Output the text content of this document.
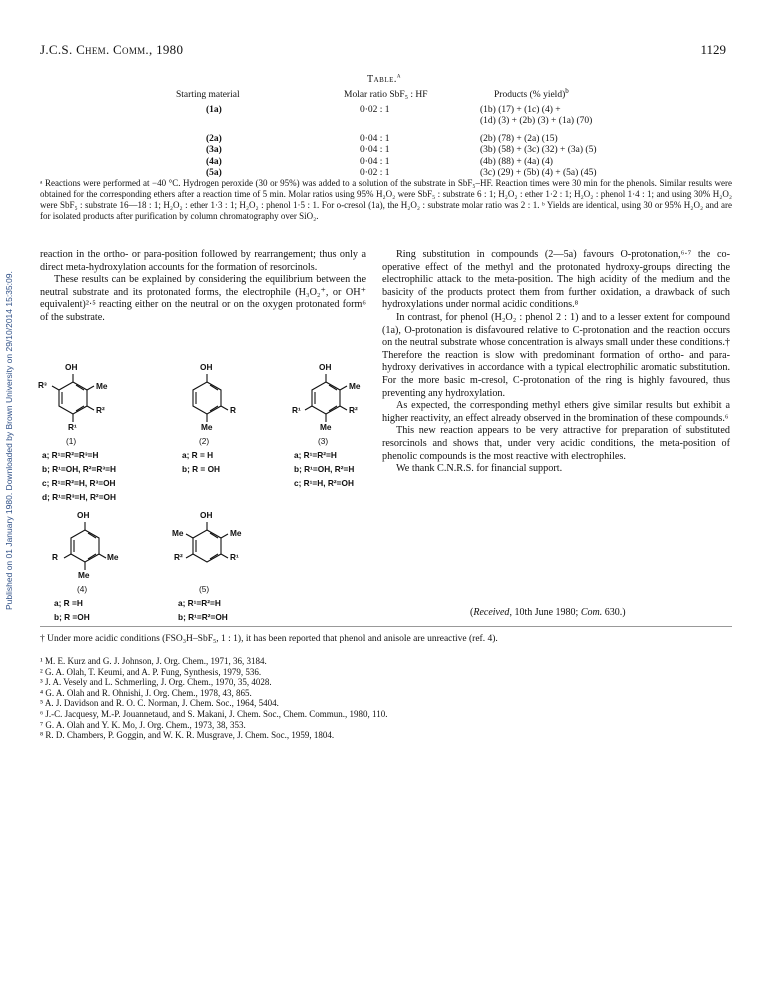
J.C.S. Chem. Comm., 1980	1129
Published on 01 January 1980. Downloaded by Brown University on 29/10/2014 15:35:09.
Table.$^a$
Starting material	Molar ratio SbF₅ : HF	Products (% yield)$^b$
(1a)	0·02 : 1	(1b) (17) + (1c) (4) +
		(1d) (3) + (2b) (3) + (1a) (70)

(2a)	0·04 : 1	(2b) (78) + (2a) (15)
(3a)	0·04 : 1	(3b) (58) + (3c) (32) + (3a) (5)
(4a)	0·04 : 1	(4b) (88) + (4a) (4)
(5a)	0·02 : 1	(3c) (29) + (5b) (4) + (5a) (45)
ᵃ Reactions were performed at −40 °C. Hydrogen peroxide (30 or 95%) was added to a solution of the substrate in SbF₅–HF. Reaction times were 30 min for the phenols. Similar results were obtained for the corresponding ethers after a reaction time of 5 min. Molar ratios using 95% H₂O₂ were SbF₅ : substrate 6 : 1; H₂O₂ : ether 1·2 : 1; H₂O₂ : phenol 1·4 : 1; and using 30% H₂O₂ were SbF₅ : substrate 16—18 : 1; H₂O₂ : ether 1·3 : 1; H₂O₂ : phenol 1·5 : 1. For o-cresol (1a), the H₂O₂ : substrate molar ratio was 2 : 1. ᵇ Yields are identical, using 30 or 95% H₂O₂ and are for isolated products after purification by column chromatography over SiO₂.

reaction in the ortho- or para-position followed by rearrangement; thus only a direct meta-hydroxylation accounts for the formation of resorcinols.

These results can be explained by considering the equilibrium between the neutral substrate and its protonated forms, the electrophile (H₃O₂⁺, or OH⁺ equivalent)²·⁵ reacting either on the neutral or on the oxygen protonated form⁶ of the substrate.

OH
Me
R²
R¹
R³
(1)
a; R¹=R²=R³=H
b; R¹=OH, R²=R³=H
c; R¹=R²=H, R³=OH
d; R¹=R³=H, R²=OH
OH
R
Me
(2)
a; R = H
b; R = OH
OH
Me
R¹	R²
Me
(3)
a; R¹=R²=H
b; R¹=OH, R²=H
c; R¹=H, R²=OH
OH
R	Me
Me
(4)
a; R =H
b; R =OH
OH
Me	Me
R²	R¹
(5)
a; R¹=R²=H
b; R¹=R²=OH

Ring substitution in compounds (2—5a) favours O-protonation,⁶·⁷ the co-operative effect of the methyl and the protonated hydroxy-groups directing the electrophilic attack to the meta-position. The high acidity of the medium and the basicity of the products protect them from further oxidation, a drawback of such hydroxylations under normal acidic conditions.⁸

In contrast, for phenol (H₂O₂ : phenol 2 : 1) and to a lesser extent for compound (1a), O-protonation is disfavoured relative to C-protonation and the reaction occurs on the neutral substrate whose concentration is always small under these conditions.† Therefore the reaction is slow with predominant formation of ortho- and para-hydroxy derivatives in accordance with a typical electrophilic aromatic substitution. For the more basic m-cresol, C-protonation of the ring is highly favoured, thus preventing any hydroxylation.

As expected, the corresponding methyl ethers give similar results but exhibit a higher reactivity, an effect already observed in the bromination of these compounds.⁶

This new reaction appears to be very attractive for preparation of substituted resorcinols and shows that, under very acidic conditions, the meta-position of phenolic compounds is the most reactive with electrophiles.

We thank C.N.R.S. for financial support.

(Received, 10th June 1980; Com. 630.)
† Under more acidic conditions (FSO₃H–SbF₅, 1 : 1), it has been reported that phenol and anisole are unreactive (ref. 4).
¹ M. E. Kurz and G. J. Johnson, J. Org. Chem., 1971, 36, 3184.
² G. A. Olah, T. Keumi, and A. P. Fung, Synthesis, 1979, 536.
³ J. A. Vesely and L. Schmerling, J. Org. Chem., 1970, 35, 4028.
⁴ G. A. Olah and R. Ohnishi, J. Org. Chem., 1978, 43, 865.
⁵ A. J. Davidson and R. O. C. Norman, J. Chem. Soc., 1964, 5404.
⁶ J.-C. Jacquesy, M.-P. Jouannetaud, and S. Makani, J. Chem. Soc., Chem. Commun., 1980, 110.
⁷ G. A. Olah and Y. K. Mo, J. Org. Chem., 1973, 38, 353.
⁸ R. D. Chambers, P. Goggin, and W. K. R. Musgrave, J. Chem. Soc., 1959, 1804.
